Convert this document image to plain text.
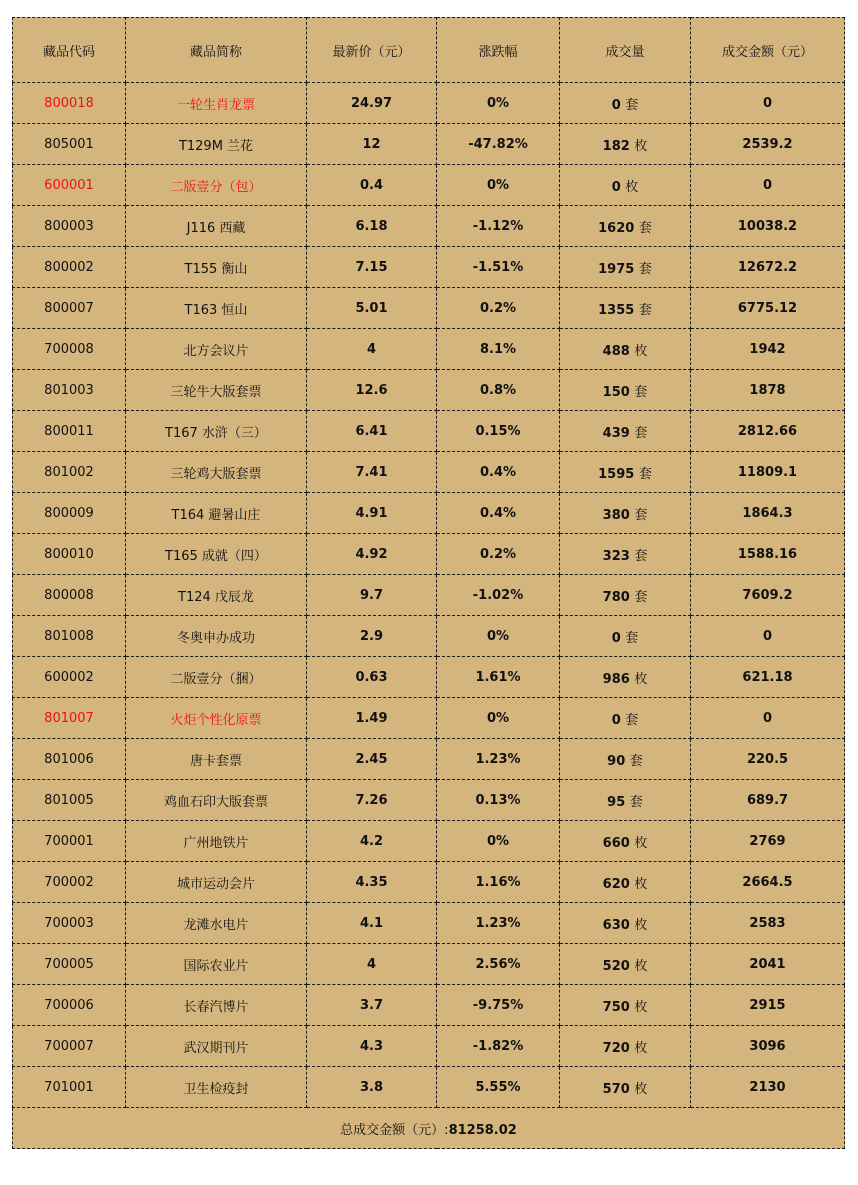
藏品代码	藏品简称	最新价（元）	涨跌幅	成交量	成交金额（元）
800018	一轮生肖龙票	24.97	0%	0 套	0
805001	T129M 兰花	12	-47.82%	182 枚	2539.2
600001	二版壹分（包）	0.4	0%	0 枚	0
800003	J116 西藏	6.18	-1.12%	1620 套	10038.2
800002	T155 衡山	7.15	-1.51%	1975 套	12672.2
800007	T163 恒山	5.01	0.2%	1355 套	6775.12
700008	北方会议片	4	8.1%	488 枚	1942
801003	三轮牛大版套票	12.6	0.8%	150 套	1878
800011	T167 水浒（三）	6.41	0.15%	439 套	2812.66
801002	三轮鸡大版套票	7.41	0.4%	1595 套	11809.1
800009	T164 避暑山庄	4.91	0.4%	380 套	1864.3
800010	T165 成就（四）	4.92	0.2%	323 套	1588.16
800008	T124 戊辰龙	9.7	-1.02%	780 套	7609.2
801008	冬奥申办成功	2.9	0%	0 套	0
600002	二版壹分（捆）	0.63	1.61%	986 枚	621.18
801007	火炬个性化原票	1.49	0%	0 套	0
801006	唐卡套票	2.45	1.23%	90 套	220.5
801005	鸡血石印大版套票	7.26	0.13%	95 套	689.7
700001	广州地铁片	4.2	0%	660 枚	2769
700002	城市运动会片	4.35	1.16%	620 枚	2664.5
700003	龙滩水电片	4.1	1.23%	630 枚	2583
700005	国际农业片	4	2.56%	520 枚	2041
700006	长春汽博片	3.7	-9.75%	750 枚	2915
700007	武汉期刊片	4.3	-1.82%	720 枚	3096
701001	卫生检疫封	3.8	5.55%	570 枚	2130
总成交金额（元）:81258.02					
